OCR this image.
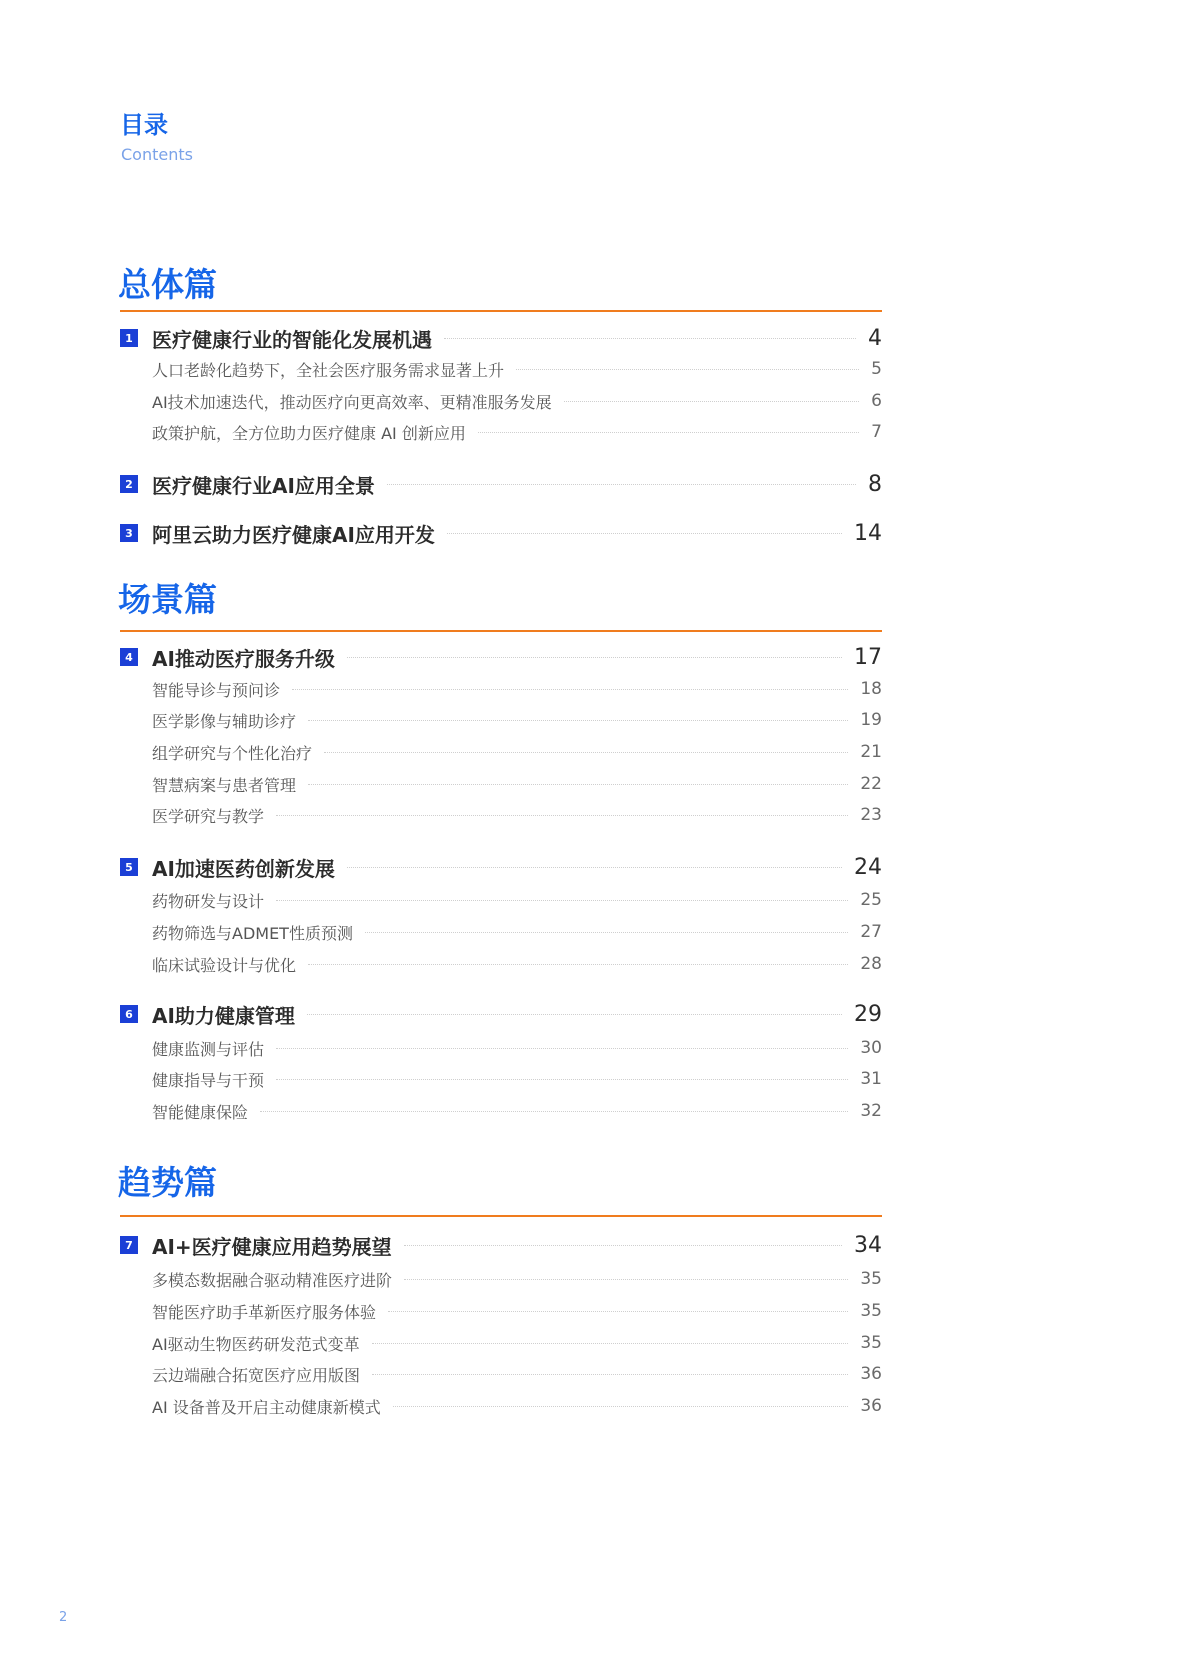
目录
Contents
总体篇
1 医疗健康行业的智能化发展机遇	4
人口老龄化趋势下，全社会医疗服务需求显著上升	5
AI技术加速迭代，推动医疗向更高效率、更精准服务发展	6
政策护航，全方位助力医疗健康 AI 创新应用	7
2 医疗健康行业AI应用全景	8
3 阿里云助力医疗健康AI应用开发	14
场景篇
4 AI推动医疗服务升级	17
智能导诊与预问诊	18
医学影像与辅助诊疗	19
组学研究与个性化治疗	21
智慧病案与患者管理	22
医学研究与教学	23
5 AI加速医药创新发展	24
药物研发与设计	25
药物筛选与ADMET性质预测	27
临床试验设计与优化	28
6 AI助力健康管理	29
健康监测与评估	30
健康指导与干预	31
智能健康保险	32
趋势篇
7 AI+医疗健康应用趋势展望	34
多模态数据融合驱动精准医疗进阶	35
智能医疗助手革新医疗服务体验	35
AI驱动生物医药研发范式变革	35
云边端融合拓宽医疗应用版图	36
AI 设备普及开启主动健康新模式	36
2
